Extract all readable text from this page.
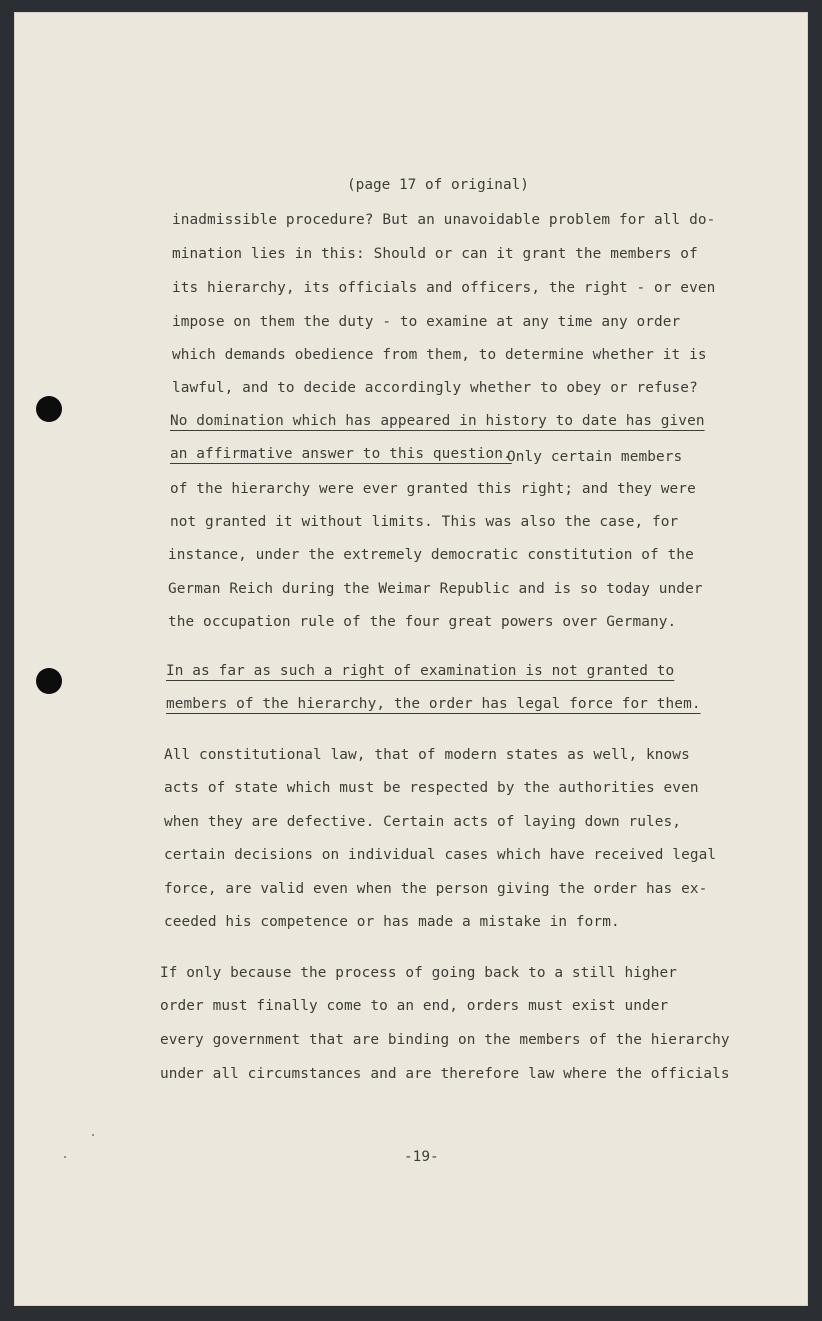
(page 17 of original)
inadmissible procedure? But an unavoidable problem for all do-
mination lies in this: Should or can it grant the members of
its hierarchy, its officials and officers, the right - or even
impose on them the duty - to examine at any time any order
which demands obedience from them, to determine whether it is
lawful, and to decide accordingly whether to obey or refuse?
No domination which has appeared in history to date has given
an affirmative answer to this question.
Only certain members
of the hierarchy were ever granted this right; and they were
not granted it without limits. This was also the case, for
instance, under the extremely democratic constitution of the
German Reich during the Weimar Republic and is so today under
the occupation rule of the four great powers over Germany.
In as far as such a right of examination is not granted to
members of the hierarchy, the order has legal force for them.
All constitutional law, that of modern states as well, knows
acts of state which must be respected by the authorities even
when they are defective. Certain acts of laying down rules,
certain decisions on individual cases which have received legal
force, are valid even when the person giving the order has ex-
ceeded his competence or has made a mistake in form.
If only because the process of going back to a still higher
order must finally come to an end, orders must exist under
every government that are binding on the members of the hierarchy
under all circumstances and are therefore law where the officials
-19-
